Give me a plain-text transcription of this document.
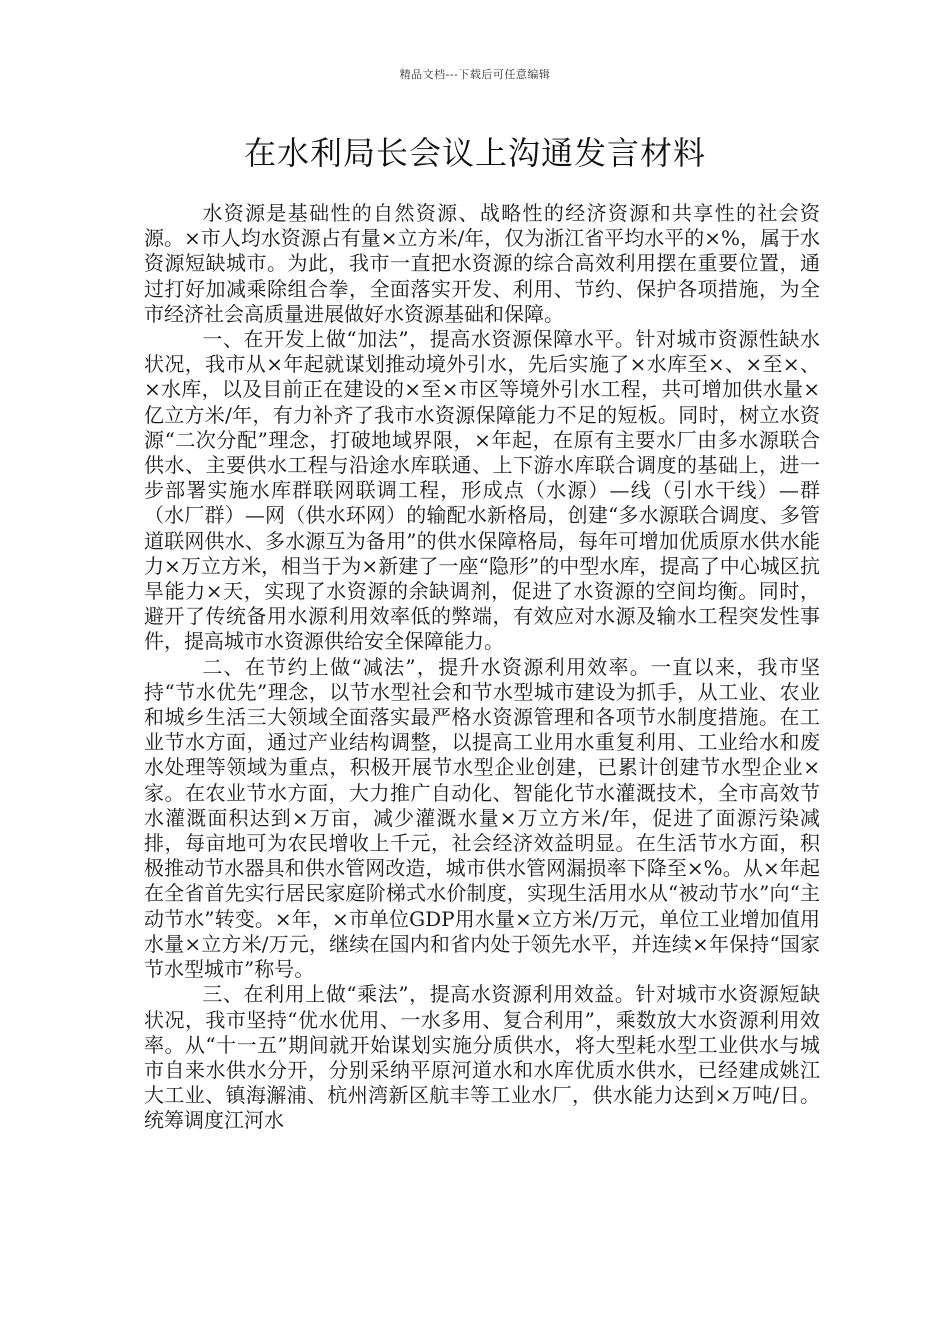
精品文档---下载后可任意编辑
在水利局长会议上沟通发言材料

水资源是基础性的自然资源、战略性的经济资源和共享性的社会资源。×市人均水资源占有量×立方米/年，仅为浙江省平均水平的×%，属于水资源短缺城市。为此，我市一直把水资源的综合高效利用摆在重要位置，通过打好加减乘除组合拳，全面落实开发、利用、节约、保护各项措施，为全市经济社会高质量进展做好水资源基础和保障。

一、在开发上做“加法”，提高水资源保障水平。针对城市资源性缺水状况，我市从×年起就谋划推动境外引水，先后实施了×水库至×、×至×、×水库，以及目前正在建设的×至×市区等境外引水工程，共可增加供水量×亿立方米/年，有力补齐了我市水资源保障能力不足的短板。同时，树立水资源“二次分配”理念，打破地域界限，×年起，在原有主要水厂由多水源联合供水、主要供水工程与沿途水库联通、上下游水库联合调度的基础上，进一步部署实施水库群联网联调工程，形成点（水源）—线（引水干线）—群（水厂群）—网（供水环网）的输配水新格局，创建“多水源联合调度、多管道联网供水、多水源互为备用”的供水保障格局，每年可增加优质原水供水能力×万立方米，相当于为×新建了一座“隐形”的中型水库，提高了中心城区抗旱能力×天，实现了水资源的余缺调剂，促进了水资源的空间均衡。同时，避开了传统备用水源利用效率低的弊端，有效应对水源及输水工程突发性事件，提高城市水资源供给安全保障能力。

二、在节约上做“减法”，提升水资源利用效率。一直以来，我市坚持“节水优先”理念，以节水型社会和节水型城市建设为抓手，从工业、农业和城乡生活三大领域全面落实最严格水资源管理和各项节水制度措施。在工业节水方面，通过产业结构调整，以提高工业用水重复利用、工业给水和废水处理等领域为重点，积极开展节水型企业创建，已累计创建节水型企业×家。在农业节水方面，大力推广自动化、智能化节水灌溉技术，全市高效节水灌溉面积达到×万亩，减少灌溉水量×万立方米/年，促进了面源污染减排，每亩地可为农民增收上千元，社会经济效益明显。在生活节水方面，积极推动节水器具和供水管网改造，城市供水管网漏损率下降至×%。从×年起在全省首先实行居民家庭阶梯式水价制度，实现生活用水从“被动节水”向“主动节水”转变。×年，×市单位GDP用水量×立方米/万元，单位工业增加值用水量×立方米/万元，继续在国内和省内处于领先水平，并连续×年保持“国家节水型城市”称号。

三、在利用上做“乘法”，提高水资源利用效益。针对城市水资源短缺状况，我市坚持“优水优用、一水多用、复合利用”，乘数放大水资源利用效率。从“十一五”期间就开始谋划实施分质供水，将大型耗水型工业供水与城市自来水供水分开，分别采纳平原河道水和水库优质水供水，已经建成姚江大工业、镇海澥浦、杭州湾新区航丰等工业水厂，供水能力达到×万吨/日。统筹调度江河水
